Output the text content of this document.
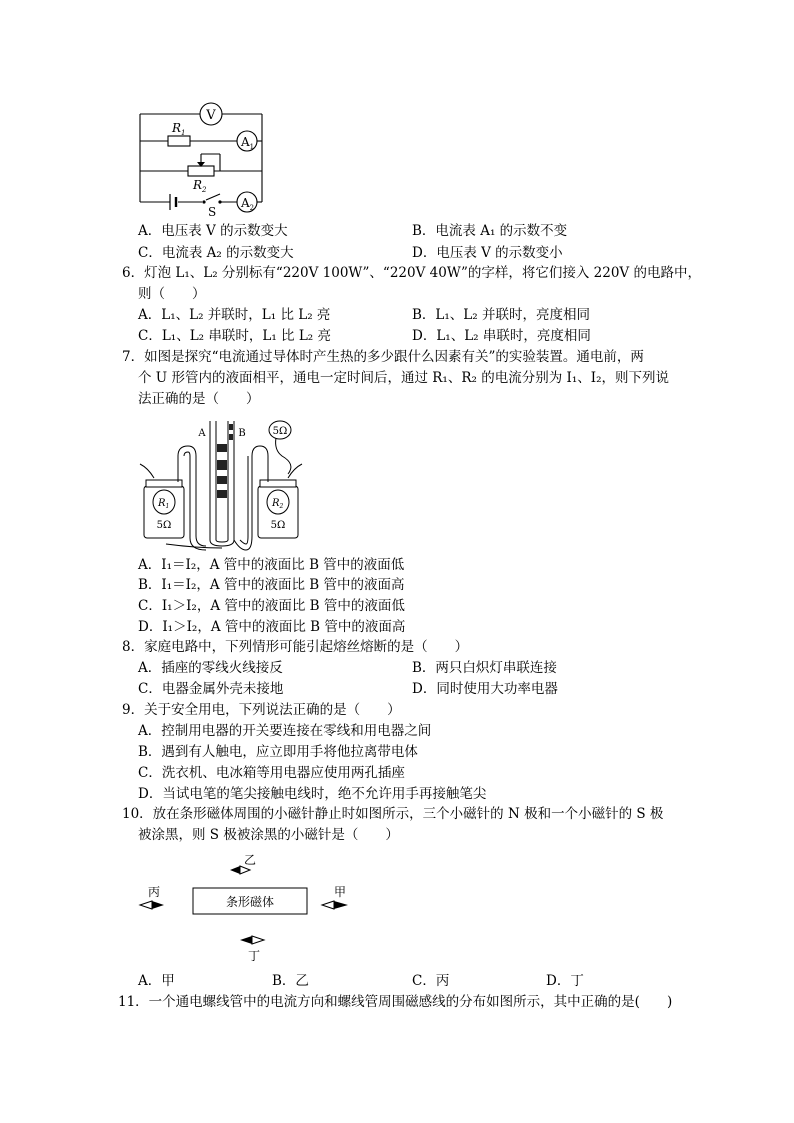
V
$A_1$
$A_2$
$R_1$
$R_2$
S
A．电压表 V 的示数变大	B．电流表 A₁ 的示数不变
C．电流表 A₂ 的示数变大	D．电压表 V 的示数变小
6．灯泡 L₁、L₂ 分别标有“220V 100W”、“220V 40W”的字样，将它们接入 220V 的电路中，
则（　　）
A．L₁、L₂ 并联时，L₁ 比 L₂ 亮	B．L₁、L₂ 并联时，亮度相同
C．L₁、L₂ 串联时，L₁ 比 L₂ 亮	D．L₁、L₂ 串联时，亮度相同
7．如图是探究“电流通过导体时产生热的多少跟什么因素有关”的实验装置。通电前，两
个 U 形管内的液面相平，通电一定时间后，通过 R₁、R₂ 的电流分别为 I₁、I₂，则下列说
法正确的是（　　）
5Ω
A	B
$R_1$	$R_2$
5Ω	5Ω
A．I₁＝I₂，A 管中的液面比 B 管中的液面低
B．I₁＝I₂，A 管中的液面比 B 管中的液面高
C．I₁＞I₂，A 管中的液面比 B 管中的液面低
D．I₁＞I₂，A 管中的液面比 B 管中的液面高
8．家庭电路中，下列情形可能引起熔丝熔断的是（　　）
A．插座的零线火线接反	B．两只白炽灯串联连接
C．电器金属外壳未接地	D．同时使用大功率电器
9．关于安全用电，下列说法正确的是（　　）
A．控制用电器的开关要连接在零线和用电器之间
B．遇到有人触电，应立即用手将他拉离带电体
C．洗衣机、电冰箱等用电器应使用两孔插座
D．当试电笔的笔尖接触电线时，绝不允许用手再接触笔尖
10．放在条形磁体周围的小磁针静止时如图所示，三个小磁针的 N 极和一个小磁针的 S 极
被涂黑，则 S 极被涂黑的小磁针是（　　）
条形磁体
乙
丙	甲
丁
A．甲	B．乙	C．丙	D．丁
11．一个通电螺线管中的电流方向和螺线管周围磁感线的分布如图所示，其中正确的是(　　)
